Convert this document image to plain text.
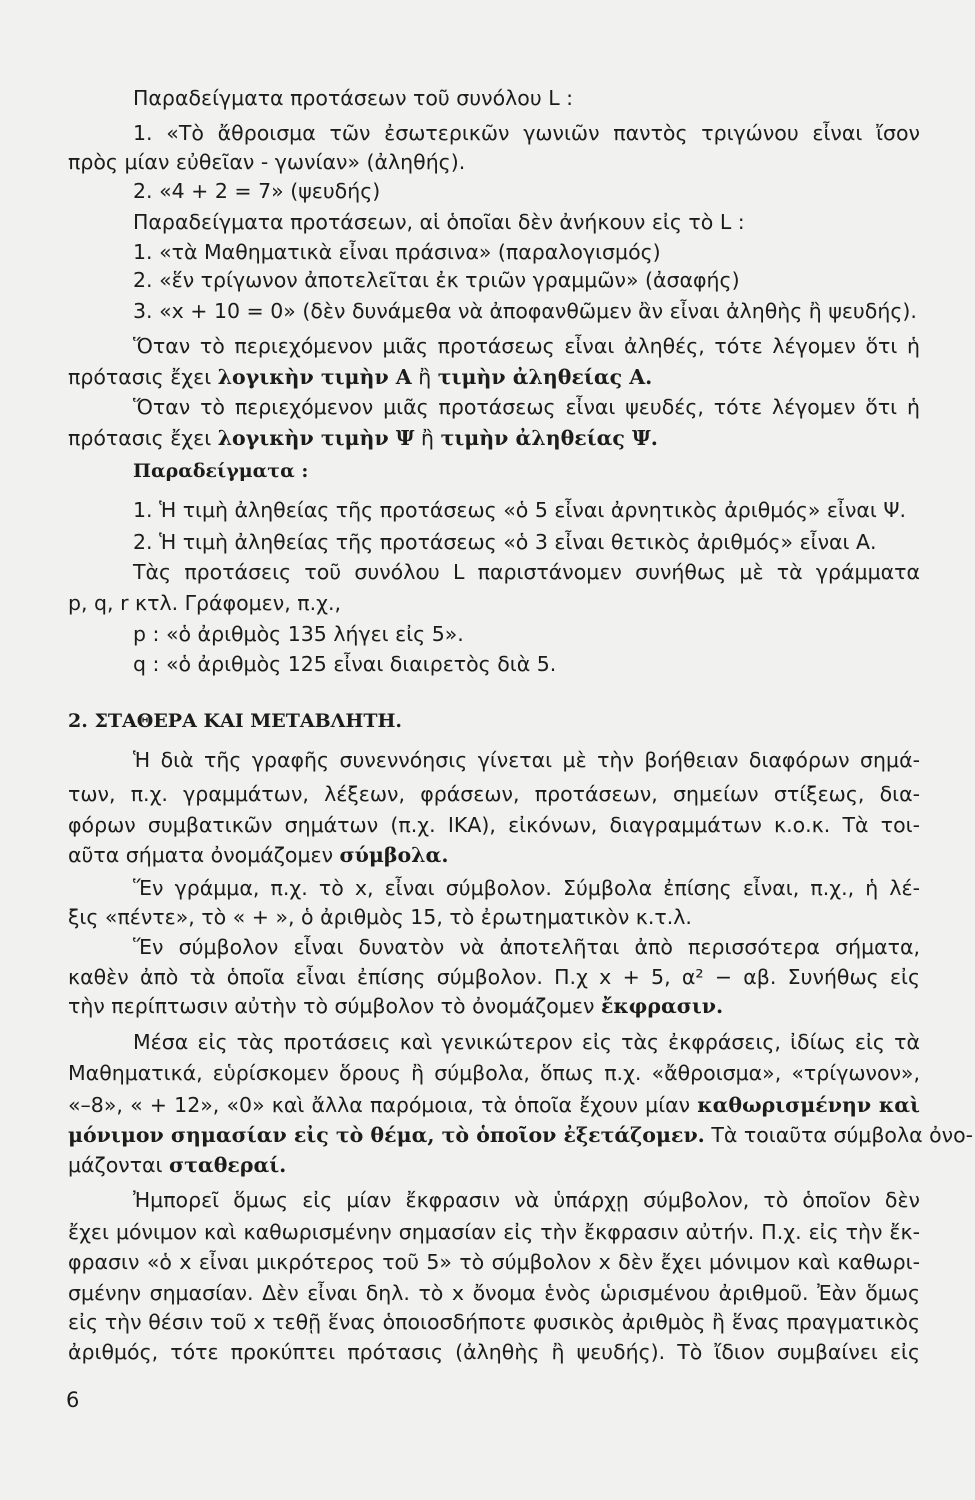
Παραδείγματα προτάσεων τοῦ συνόλου L :
1. «Τὸ ἄθροισμα τῶν ἐσωτερικῶν γωνιῶν παντὸς τριγώνου εἶναι ἴσον
πρὸς μίαν εὐθεῖαν - γωνίαν» (ἀληθής).
2. «4 + 2 = 7» (ψευδής)
Παραδείγματα προτάσεων, αἱ ὁποῖαι δὲν ἀνήκουν εἰς τὸ L :
1. «τὰ Μαθηματικὰ εἶναι πράσινα» (παραλογισμός)
2. «ἕν τρίγωνον ἀποτελεῖται ἐκ τριῶν γραμμῶν» (ἀσαφής)
3. «x + 10 = 0» (δὲν δυνάμεθα νὰ ἀποφανθῶμεν ἂν εἶναι ἀληθὴς ἢ ψευδής).
Ὅταν τὸ περιεχόμενον μιᾶς προτάσεως εἶναι ἀληθές, τότε λέγομεν ὅτι ἡ
πρότασις ἔχει λογικὴν τιμὴν Α ἢ τιμὴν ἀληθείας Α.
Ὅταν τὸ περιεχόμενον μιᾶς προτάσεως εἶναι ψευδές, τότε λέγομεν ὅτι ἡ
πρότασις ἔχει λογικὴν τιμὴν Ψ ἢ τιμὴν ἀληθείας Ψ.
Παραδείγματα :
1. Ἡ τιμὴ ἀληθείας τῆς προτάσεως «ὁ 5 εἶναι ἀρνητικὸς ἀριθμός» εἶναι Ψ.
2. Ἡ τιμὴ ἀληθείας τῆς προτάσεως «ὁ 3 εἶναι θετικὸς ἀριθμός» εἶναι Α.
Τὰς προτάσεις τοῦ συνόλου L παριστάνομεν συνήθως μὲ τὰ γράμματα
p, q, r κτλ. Γράφομεν, π.χ.,
p : «ὁ ἀριθμὸς 135 λήγει εἰς 5».
q : «ὁ ἀριθμὸς 125 εἶναι διαιρετὸς διὰ 5.
2. ΣΤΑΘΕΡΑ ΚΑΙ ΜΕΤΑΒΛΗΤΗ.
Ἡ διὰ τῆς γραφῆς συνεννόησις γίνεται μὲ τὴν βοήθειαν διαφόρων σημά-
των, π.χ. γραμμάτων, λέξεων, φράσεων, προτάσεων, σημείων στίξεως, δια-
φόρων συμβατικῶν σημάτων (π.χ. ΙΚΑ), εἰκόνων, διαγραμμάτων κ.ο.κ. Τὰ τοι-
αῦτα σήματα ὀνομάζομεν σύμβολα.
Ἕν γράμμα, π.χ. τὸ x, εἶναι σύμβολον. Σύμβολα ἐπίσης εἶναι, π.χ., ἡ λέ-
ξις «πέντε», τὸ « + », ὁ ἀριθμὸς 15, τὸ ἐρωτηματικὸν κ.τ.λ.
Ἕν σύμβολον εἶναι δυνατὸν νὰ ἀποτελῆται ἀπὸ περισσότερα σήματα,
καθὲν ἀπὸ τὰ ὁποῖα εἶναι ἐπίσης σύμβολον. Π.χ x + 5, α² − αβ. Συνήθως εἰς
τὴν περίπτωσιν αὐτὴν τὸ σύμβολον τὸ ὀνομάζομεν ἔκφρασιν.
Μέσα εἰς τὰς προτάσεις καὶ γενικώτερον εἰς τὰς ἐκφράσεις, ἰδίως εἰς τὰ
Μαθηματικά, εὑρίσκομεν ὅρους ἢ σύμβολα, ὅπως π.χ. «ἄθροισμα», «τρίγωνον»,
«–8», « + 12», «0» καὶ ἄλλα παρόμοια, τὰ ὁποῖα ἔχουν μίαν καθωρισμένην καὶ
μόνιμον σημασίαν εἰς τὸ θέμα, τὸ ὁποῖον ἐξετάζομεν. Τὰ τοιαῦτα σύμβολα ὀνο-
μάζονται σταθεραί.
Ἠμπορεῖ ὅμως εἰς μίαν ἔκφρασιν νὰ ὑπάρχῃ σύμβολον, τὸ ὁποῖον δὲν
ἔχει μόνιμον καὶ καθωρισμένην σημασίαν εἰς τὴν ἔκφρασιν αὐτήν. Π.χ. εἰς τὴν ἔκ-
φρασιν «ὁ x εἶναι μικρότερος τοῦ 5» τὸ σύμβολον x δὲν ἔχει μόνιμον καὶ καθωρι-
σμένην σημασίαν. Δὲν εἶναι δηλ. τὸ x ὄνομα ἑνὸς ὡρισμένου ἀριθμοῦ. Ἐὰν ὅμως
εἰς τὴν θέσιν τοῦ x τεθῇ ἕνας ὁποιοσδήποτε φυσικὸς ἀριθμὸς ἢ ἕνας πραγματικὸς
ἀριθμός, τότε προκύπτει πρότασις (ἀληθὴς ἢ ψευδής). Τὸ ἴδιον συμβαίνει εἰς
6
